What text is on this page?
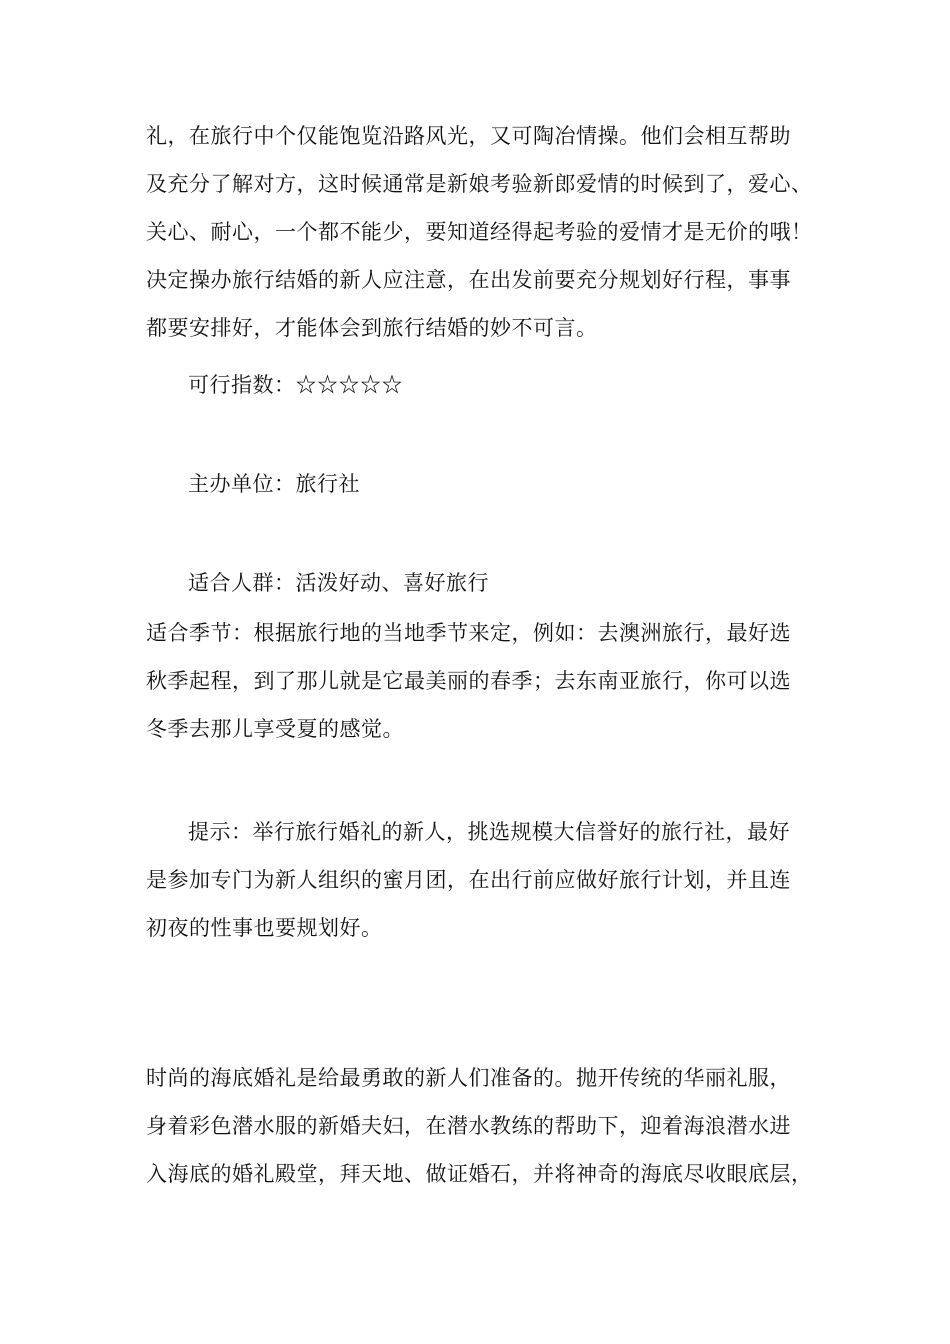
礼，在旅行中个仅能饱览沿路风光，又可陶冶情操。他们会相互帮助
及充分了解对方，这时候通常是新娘考验新郎爱情的时候到了，爱心、
关心、耐心，一个都不能少，要知道经得起考验的爱情才是无价的哦！
决定操办旅行结婚的新人应注意，在出发前要充分规划好行程，事事
都要安排好，才能体会到旅行结婚的妙不可言。
可行指数：☆☆☆☆☆
主办单位：旅行社
适合人群：活泼好动、喜好旅行
适合季节：根据旅行地的当地季节来定，例如：去澳洲旅行，最好选
秋季起程，到了那儿就是它最美丽的春季；去东南亚旅行，你可以选
冬季去那儿享受夏的感觉。
提示：举行旅行婚礼的新人，挑选规模大信誉好的旅行社，最好
是参加专门为新人组织的蜜月团，在出行前应做好旅行计划，并且连
初夜的性事也要规划好。
时尚的海底婚礼是给最勇敢的新人们准备的。抛开传统的华丽礼服，
身着彩色潜水服的新婚夫妇，在潜水教练的帮助下，迎着海浪潜水进
入海底的婚礼殿堂，拜天地、做证婚石，并将神奇的海底尽收眼底层，
